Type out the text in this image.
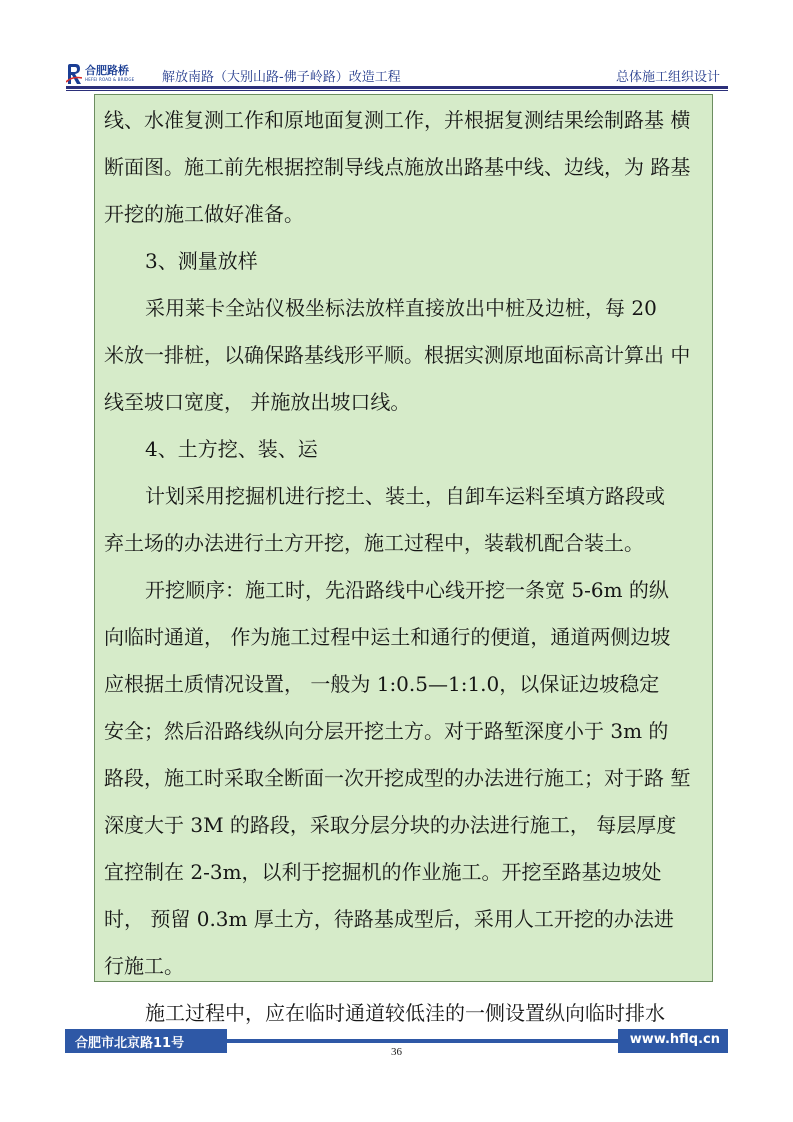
合肥路桥
HEFEI ROAD & BRIDGE 解放南路（大别山路-佛子岭路）改造工程	总体施工组织设计
线、水准复测工作和原地面复测工作，并根据复测结果绘制路基 横
断面图。施工前先根据控制导线点施放出路基中线、边线，为 路基
开挖的施工做好准备。
3、测量放样
采用莱卡全站仪极坐标法放样直接放出中桩及边桩，每 20
米放一排桩，以确保路基线形平顺。根据实测原地面标高计算出 中
线至坡口宽度， 并施放出坡口线。
4、土方挖、装、运
计划采用挖掘机进行挖土、装土，自卸车运料至填方路段或
弃土场的办法进行土方开挖，施工过程中，装载机配合装土。
开挖顺序：施工时，先沿路线中心线开挖一条宽 5-6m 的纵
向临时通道， 作为施工过程中运土和通行的便道，通道两侧边坡
应根据土质情况设置， 一般为 1:0.5—1:1.0，以保证边坡稳定
安全；然后沿路线纵向分层开挖土方。对于路堑深度小于 3m 的
路段，施工时采取全断面一次开挖成型的办法进行施工；对于路 堑
深度大于 3M 的路段，采取分层分块的办法进行施工， 每层厚度
宜控制在 2-3m，以利于挖掘机的作业施工。开挖至路基边坡处
时， 预留 0.3m 厚土方，待路基成型后，采用人工开挖的办法进
行施工。
施工过程中，应在临时通道较低洼的一侧设置纵向临时排水
合肥市北京路11号	www.hflq.cn
36
